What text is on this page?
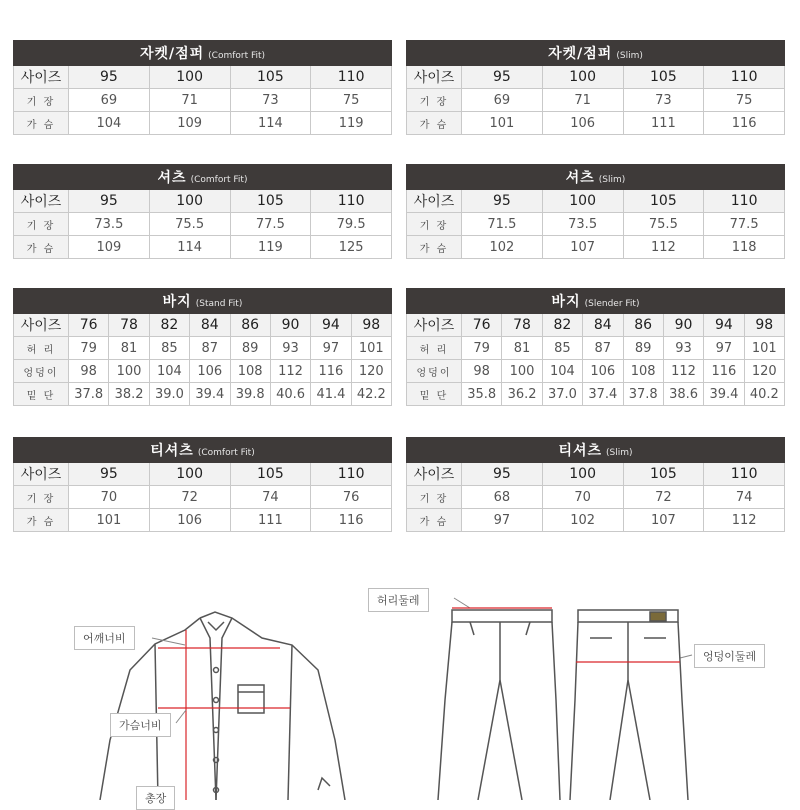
자켓/점퍼 (Comfort Fit)				
사이즈	95	100	105	110
기 장	69	71	73	75
가 슴	104	109	114	119
자켓/점퍼 (Slim)				
사이즈	95	100	105	110
기 장	69	71	73	75
가 슴	101	106	111	116
셔츠 (Comfort Fit)				
사이즈	95	100	105	110
기 장	73.5	75.5	77.5	79.5
가 슴	109	114	119	125
셔츠 (Slim)				
사이즈	95	100	105	110
기 장	71.5	73.5	75.5	77.5
가 슴	102	107	112	118
바지 (Stand Fit)								
사이즈	76	78	82	84	86	90	94	98
허 리	79	81	85	87	89	93	97	101
엉덩이	98	100	104	106	108	112	116	120
밑 단	37.8	38.2	39.0	39.4	39.8	40.6	41.4	42.2
바지 (Slender Fit)								
사이즈	76	78	82	84	86	90	94	98
허 리	79	81	85	87	89	93	97	101
엉덩이	98	100	104	106	108	112	116	120
밑 단	35.8	36.2	37.0	37.4	37.8	38.6	39.4	40.2
티셔츠 (Comfort Fit)				
사이즈	95	100	105	110
기 장	70	72	74	76
가 슴	101	106	111	116
티셔츠 (Slim)				
사이즈	95	100	105	110
기 장	68	70	72	74
가 슴	97	102	107	112
어깨너비
가슴너비
총장
허리둘레
엉덩이둘레
